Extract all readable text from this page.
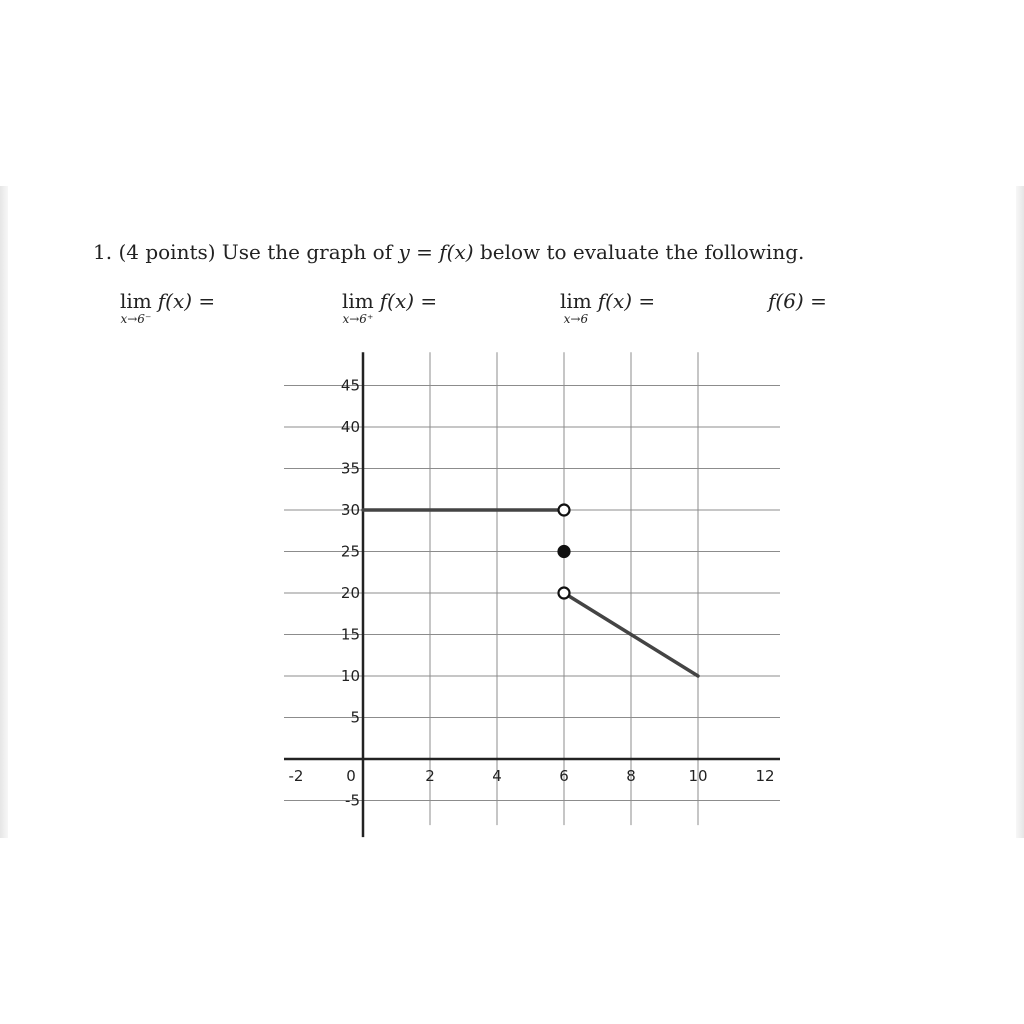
1. (4 points) Use the graph of y = f(x) below to evaluate the following.
lim
x→6⁻
f(x) =	lim
x→6⁺
f(x) =	lim
x→6
f(x) =	f(6) =
45
40
35
30
25
20
15
10
5
-5
-2	0	2	4	6	8	10	12
